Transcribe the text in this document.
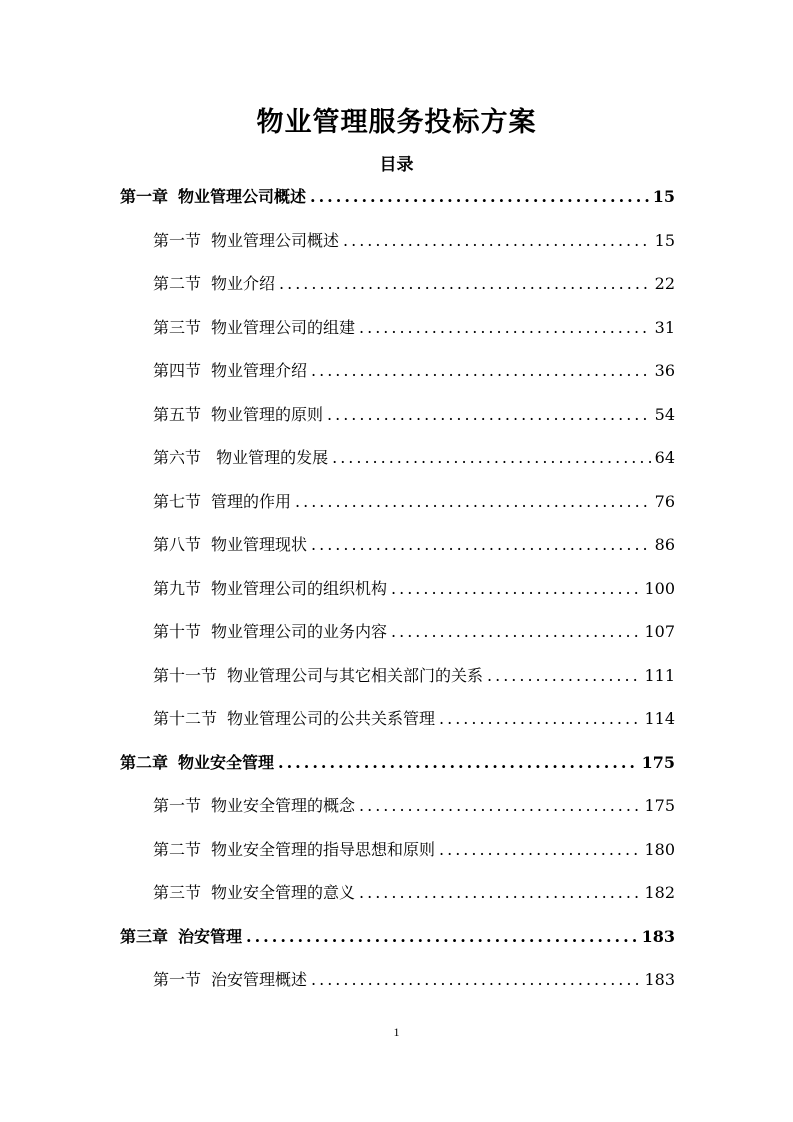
物业管理服务投标方案
目录
第一章 物业管理公司概述 .....	15
第一节 物业管理公司概述 .....	15
第二节 物业介绍 .....	22
第三节 物业管理公司的组建 .....	31
第四节 物业管理介绍 .....	36
第五节 物业管理的原则 .....	54
第六节 物业管理的发展 .....	64
第七节 管理的作用 .....	76
第八节 物业管理现状 .....	86
第九节 物业管理公司的组织机构 .....	100
第十节 物业管理公司的业务内容 .....	107
第十一节 物业管理公司与其它相关部门的关系 .....	111
第十二节 物业管理公司的公共关系管理 .....	114
第二章 物业安全管理 .....	175
第一节 物业安全管理的概念 .....	175
第二节 物业安全管理的指导思想和原则 .....	180
第三节 物业安全管理的意义 .....	182
第三章 治安管理 .....	183
第一节 治安管理概述 .....	183
1
